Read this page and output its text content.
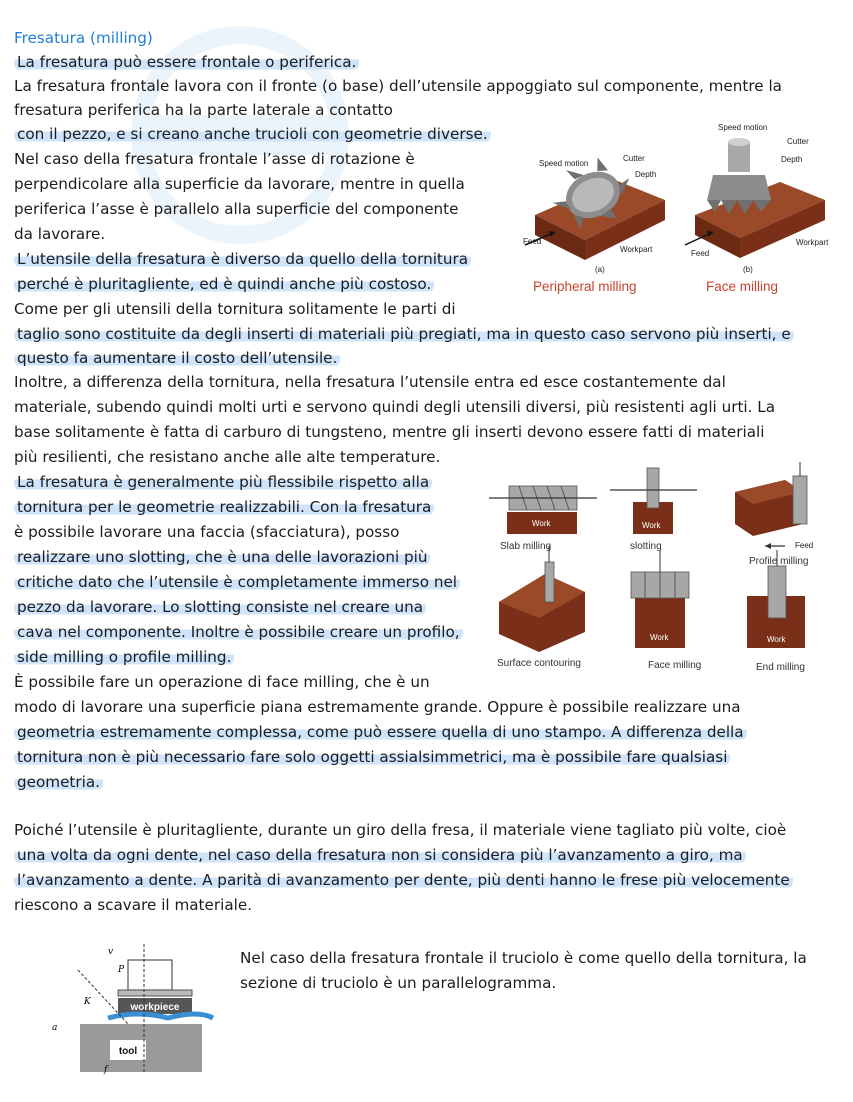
Fresatura (milling)
La fresatura può essere frontale o periferica.
La fresatura frontale lavora con il fronte (o base) dell’utensile appoggiato sul componente, mentre la
fresatura periferica ha la parte laterale a contatto
con il pezzo, e si creano anche trucioli con geometrie diverse.
Nel caso della fresatura frontale l’asse di rotazione è
perpendicolare alla superficie da lavorare, mentre in quella
periferica l’asse è parallelo alla superficie del componente
da lavorare.
L’utensile della fresatura è diverso da quello della tornitura
perché è pluritagliente, ed è quindi anche più costoso.
Come per gli utensili della tornitura solitamente le parti di
taglio sono costituite da degli inserti di materiali più pregiati, ma in questo caso servono più inserti, e
questo fa aumentare il costo dell’utensile.
Inoltre, a differenza della tornitura, nella fresatura l’utensile entra ed esce costantemente dal
materiale, subendo quindi molti urti e servono quindi degli utensili diversi, più resistenti agli urti. La
base solitamente è fatta di carburo di tungsteno, mentre gli inserti devono essere fatti di materiali
più resilienti, che resistano anche alle alte temperature.
La fresatura è generalmente più flessibile rispetto alla
tornitura per le geometrie realizzabili. Con la fresatura
è possibile lavorare una faccia (sfacciatura), posso
realizzare uno slotting, che è una delle lavorazioni più
critiche dato che l’utensile è completamente immerso nel
pezzo da lavorare. Lo slotting consiste nel creare una
cava nel componente. Inoltre è possibile creare un profilo,
side milling o profile milling.
È possibile fare un operazione di face milling, che è un
modo di lavorare una superficie piana estremamente grande. Oppure è possibile realizzare una
geometria estremamente complessa, come può essere quella di uno stampo. A differenza della
tornitura non è più necessario fare solo oggetti assialsimmetrici, ma è possibile fare qualsiasi
geometria.
Poiché l’utensile è pluritagliente, durante un giro della fresa, il materiale viene tagliato più volte, cioè
una volta da ogni dente, nel caso della fresatura non si considera più l’avanzamento a giro, ma
l’avanzamento a dente. A parità di avanzamento per dente, più denti hanno le frese più velocemente
riescono a scavare il materiale.
Nel caso della fresatura frontale il truciolo è come quello della tornitura, la
sezione di truciolo è un parallelogramma.
Speed motion
Cutter
Depth
Feed
Workpart
(a)
Speed motion
Cutter
Depth
Feed
Workpart
(b)
Peripheral milling	Face milling
Work	Work
Feed
Work	Work
Slab milling	slotting
Profile milling
Surface contouring	Face milling	End milling
workpiece
tool
v
P
a
K
f
